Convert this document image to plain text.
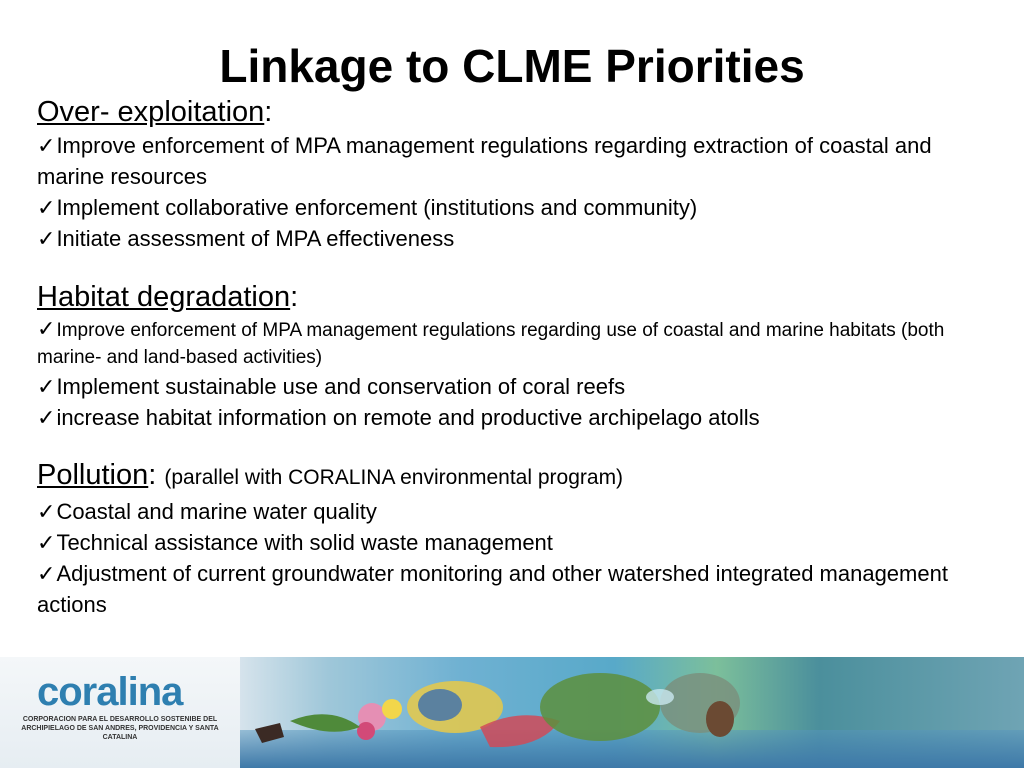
Linkage to CLME Priorities
Over- exploitation:
✓Improve enforcement of MPA management regulations regarding extraction of coastal and marine resources
✓Implement collaborative enforcement (institutions and community)
✓Initiate assessment of MPA effectiveness
Habitat degradation:
✓Improve enforcement of MPA management regulations regarding use of coastal and marine habitats (both marine- and land-based activities)
✓Implement sustainable use and conservation of coral reefs
✓increase habitat information on remote and productive archipelago atolls
Pollution: (parallel with CORALINA environmental program)
✓Coastal and marine water quality
✓Technical assistance with solid waste management
✓Adjustment of current groundwater monitoring and other watershed integrated management actions
coralina
CORPORACION PARA EL DESARROLLO SOSTENIBE DEL ARCHIPIELAGO DE SAN ANDRES, PROVIDENCIA Y SANTA CATALINA
